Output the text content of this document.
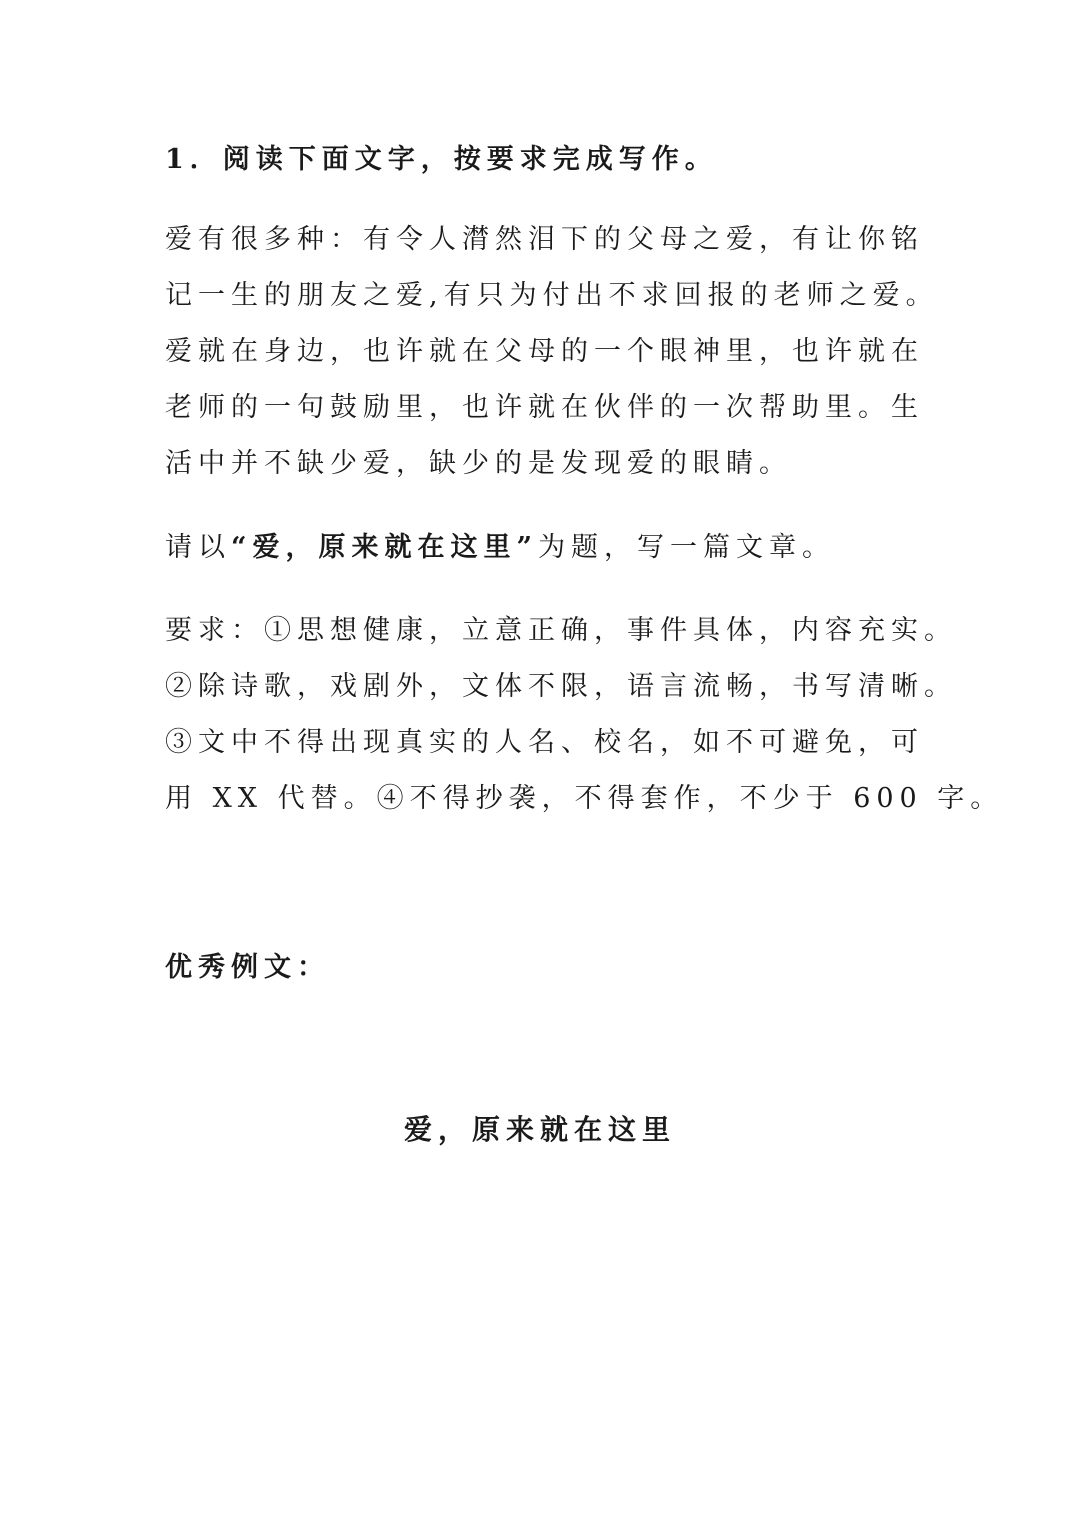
1．阅读下面文字，按要求完成写作。
爱有很多种：有令人潸然泪下的父母之爱，有让你铭
记一生的朋友之爱,有只为付出不求回报的老师之爱。
爱就在身边，也许就在父母的一个眼神里，也许就在
老师的一句鼓励里，也许就在伙伴的一次帮助里。生
活中并不缺少爱，缺少的是发现爱的眼睛。
请以“爱，原来就在这里”为题，写一篇文章。
要求：①思想健康，立意正确，事件具体，内容充实。
②除诗歌，戏剧外，文体不限，语言流畅，书写清晰。
③文中不得出现真实的人名、校名，如不可避免，可
用 XX 代替。④不得抄袭，不得套作，不少于 600 字。
优秀例文：
爱，原来就在这里
